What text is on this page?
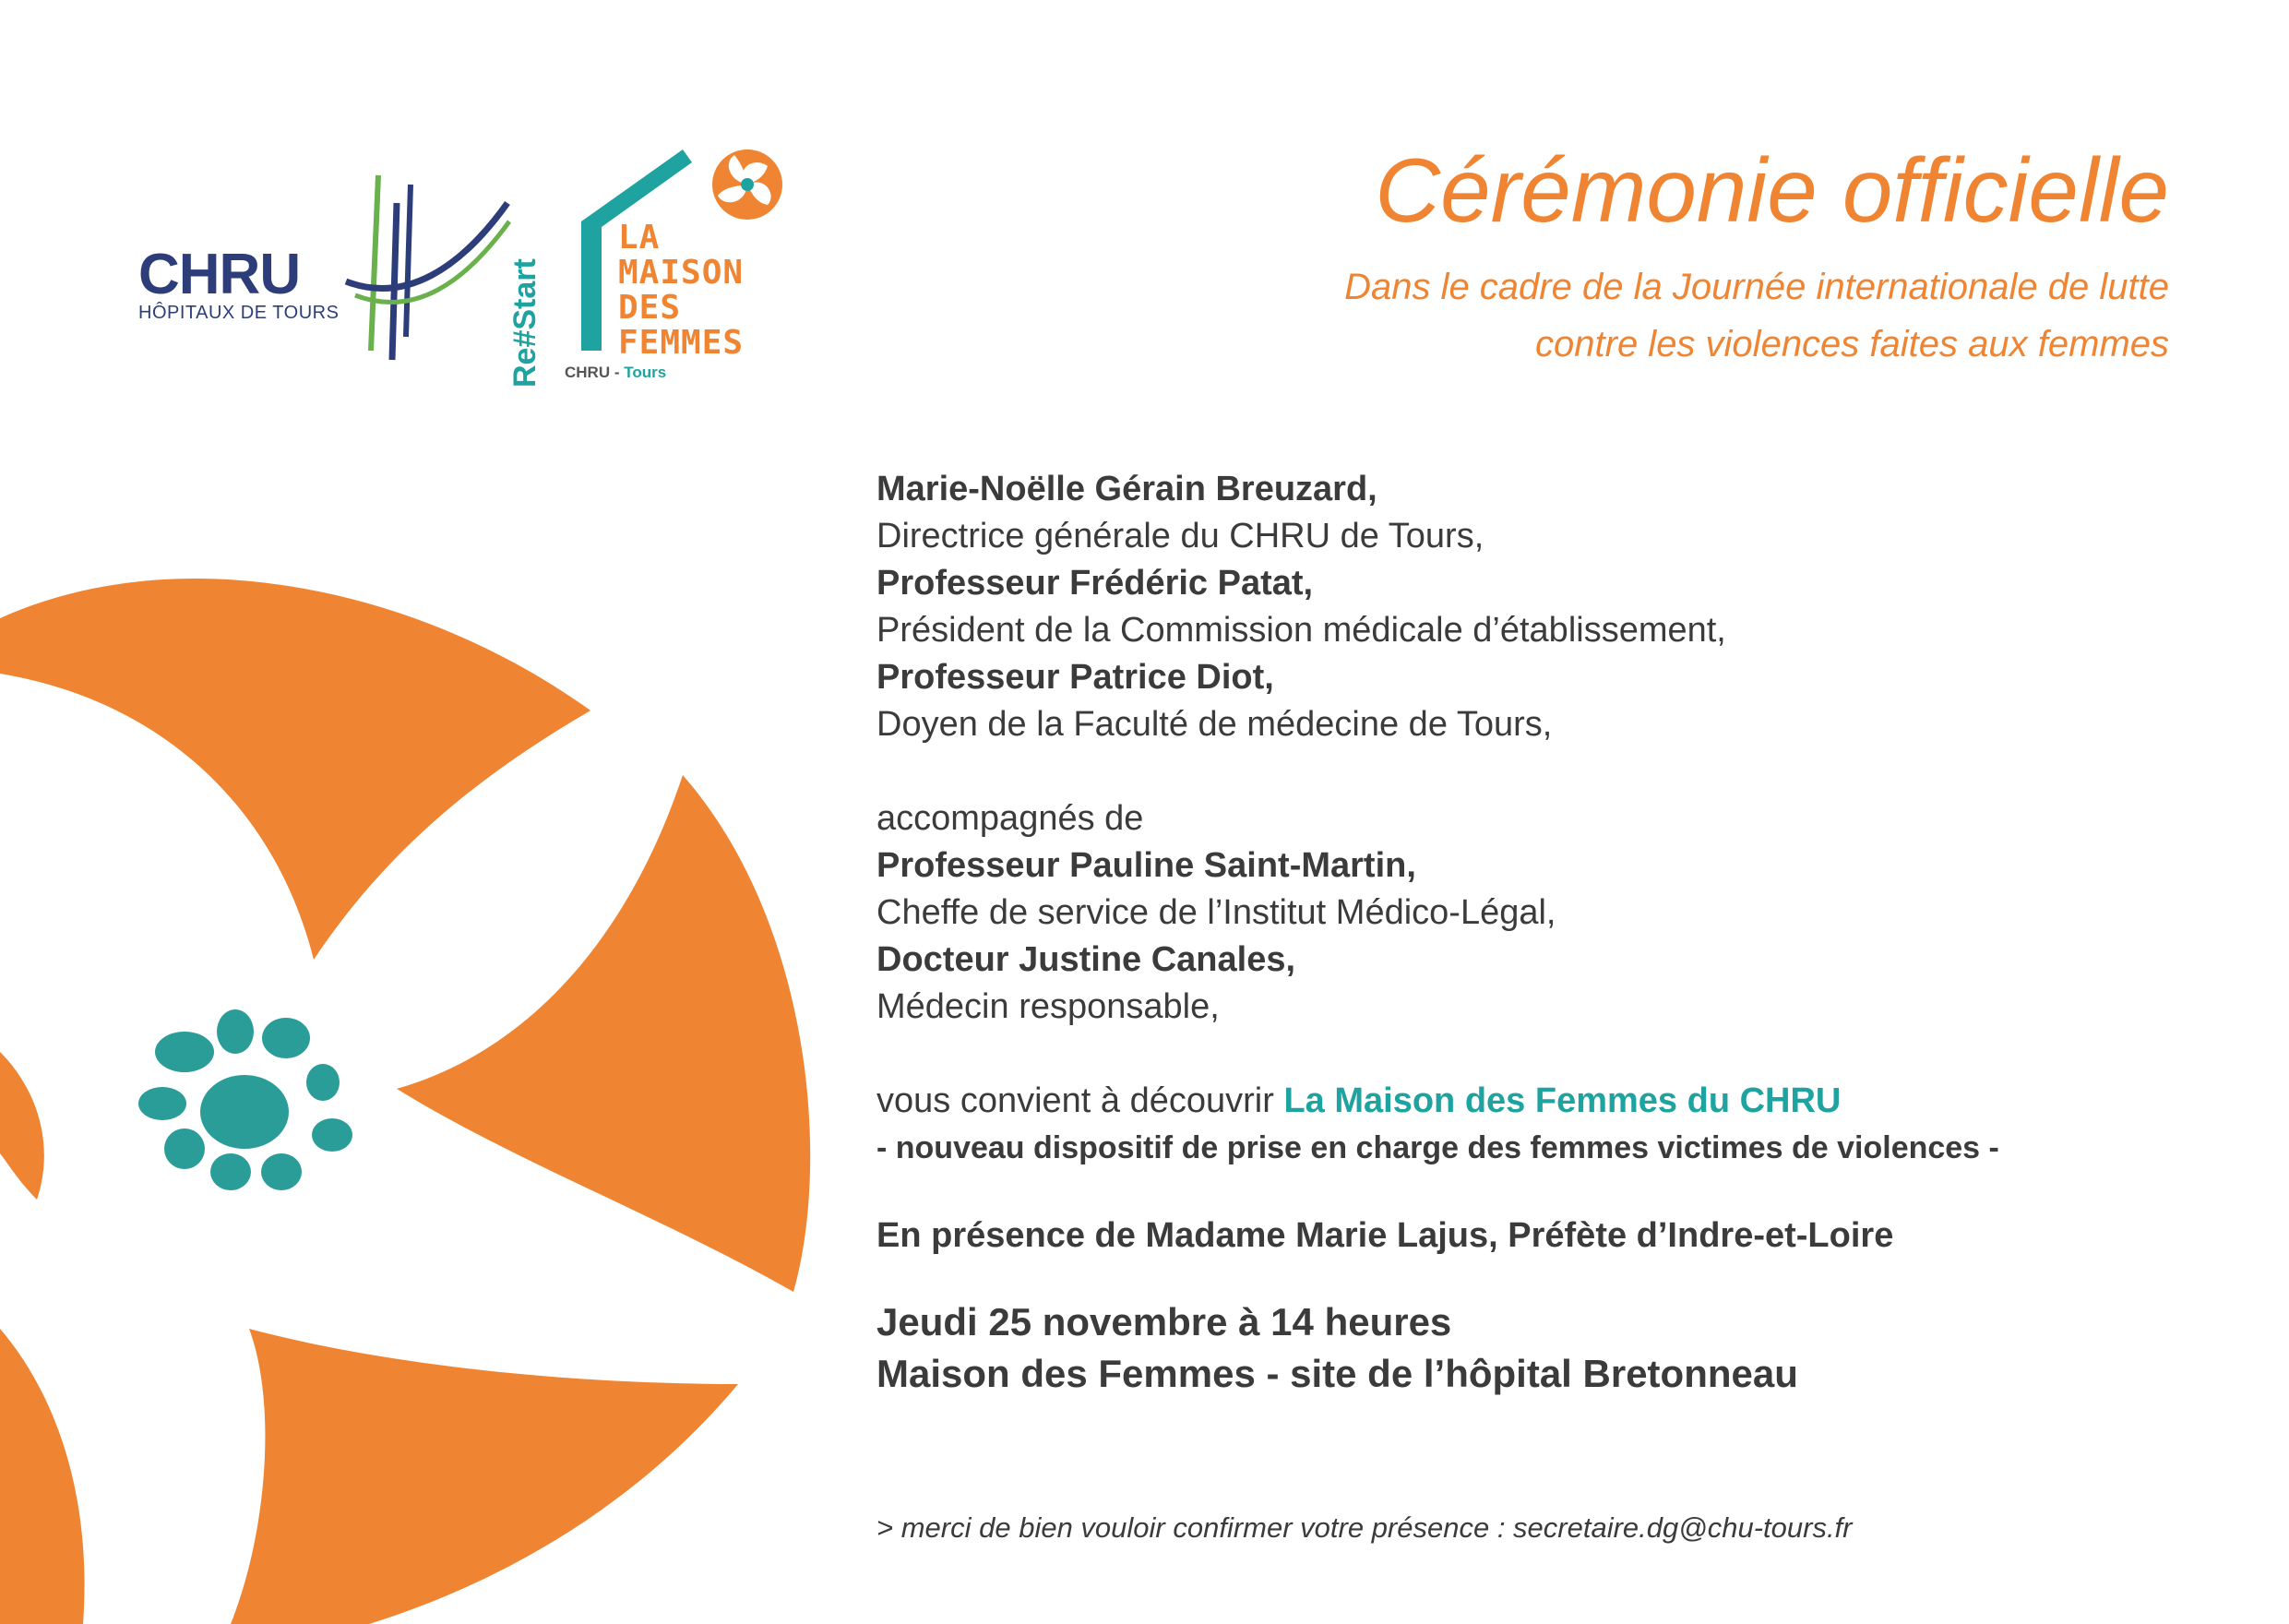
CHRU
HÔPITAUX DE TOURS	Re#Start
LA
MAISON
DES
FEMMES
CHRU - Tours
Cérémonie officielle
Dans le cadre de la Journée internationale de lutte
contre les violences faites aux femmes
Marie-Noëlle Gérain Breuzard,
Directrice générale du CHRU de Tours,
Professeur Frédéric Patat,
Président de la Commission médicale d’établissement,
Professeur Patrice Diot,
Doyen de la Faculté de médecine de Tours,
accompagnés de
Professeur Pauline Saint-Martin,
Cheffe de service de l’Institut Médico-Légal,
Docteur Justine Canales,
Médecin responsable,
vous convient à découvrir La Maison des Femmes du CHRU
- nouveau dispositif de prise en charge des femmes victimes de violences -
En présence de Madame Marie Lajus, Préfète d’Indre-et-Loire
Jeudi 25 novembre à 14 heures
Maison des Femmes - site de l’hôpital Bretonneau
> merci de bien vouloir confirmer votre présence : secretaire.dg@chu-tours.fr
